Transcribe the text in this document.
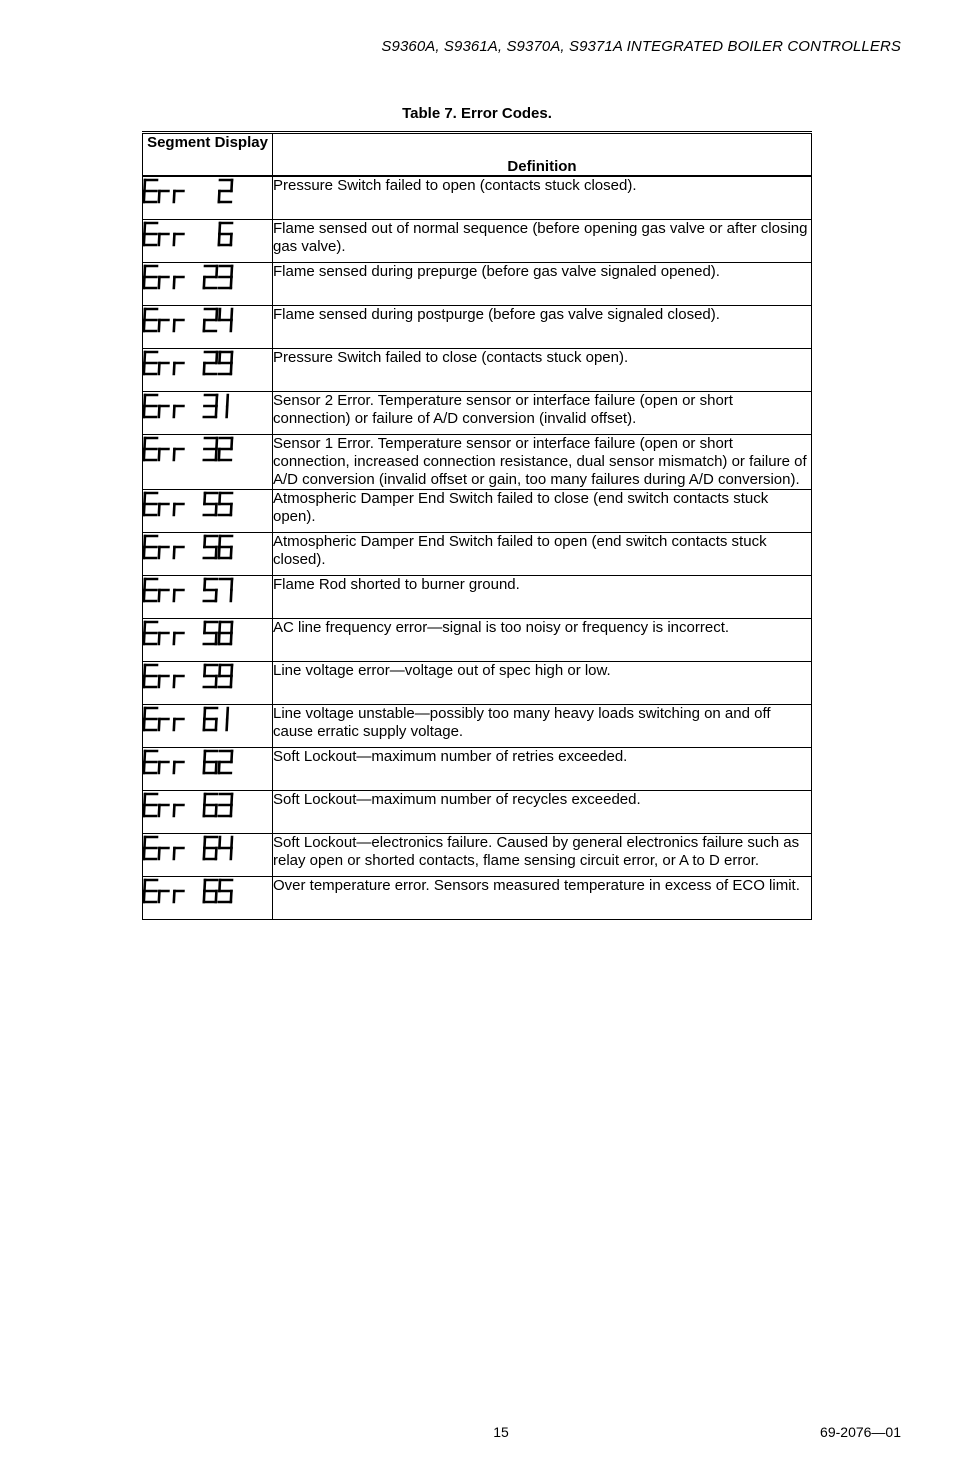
S9360A, S9361A, S9370A, S9371A INTEGRATED BOILER CONTROLLERS
Table 7. Error Codes.
Segment Display	Definition

	Pressure Switch failed to open (contacts stuck closed).

	Flame sensed out of normal sequence (before opening gas valve or after closing gas valve).

	Flame sensed during prepurge (before gas valve signaled opened).

	Flame sensed during postpurge (before gas valve signaled closed).

	Pressure Switch failed to close (contacts stuck open).

	Sensor 2 Error. Temperature sensor or interface failure (open or short connection) or failure of A/D conversion (invalid offset).

	Sensor 1 Error. Temperature sensor or interface failure (open or short connection, increased connection resistance, dual sensor mismatch) or failure of A/D conversion (invalid offset or gain, too many failures during A/D conversion).

	Atmospheric Damper End Switch failed to close (end switch contacts stuck open).

	Atmospheric Damper End Switch failed to open (end switch contacts stuck closed).

	Flame Rod shorted to burner ground.

	AC line frequency error—signal is too noisy or frequency is incorrect.

	Line voltage error—voltage out of spec high or low.

	Line voltage unstable—possibly too many heavy loads switching on and off cause erratic supply voltage.

	Soft Lockout—maximum number of retries exceeded.

	Soft Lockout—maximum number of recycles exceeded.

	Soft Lockout—electronics failure. Caused by general electronics failure such as relay open or shorted contacts, flame sensing circuit error, or A to D error.

	Over temperature error. Sensors measured temperature in excess of ECO limit.
15	69-2076—01
